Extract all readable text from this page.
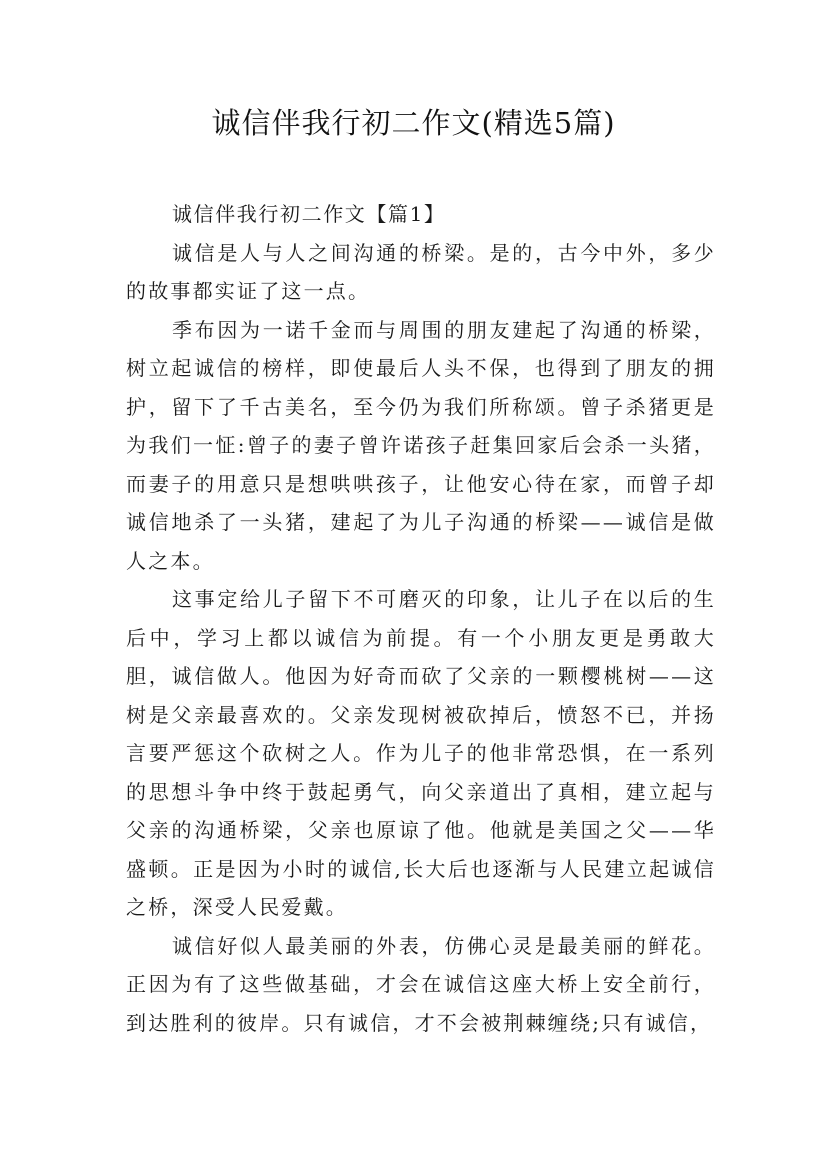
诚信伴我行初二作文(精选5篇)

诚信伴我行初二作文【篇1】

诚信是人与人之间沟通的桥梁。是的，古今中外，多少的故事都实证了这一点。

季布因为一诺千金而与周围的朋友建起了沟通的桥梁，树立起诚信的榜样，即使最后人头不保，也得到了朋友的拥护，留下了千古美名，至今仍为我们所称颂。曾子杀猪更是为我们一怔:曾子的妻子曾许诺孩子赶集回家后会杀一头猪，而妻子的用意只是想哄哄孩子，让他安心待在家，而曾子却诚信地杀了一头猪，建起了为儿子沟通的桥梁——诚信是做人之本。

这事定给儿子留下不可磨灭的印象，让儿子在以后的生后中，学习上都以诚信为前提。有一个小朋友更是勇敢大胆，诚信做人。他因为好奇而砍了父亲的一颗樱桃树——这树是父亲最喜欢的。父亲发现树被砍掉后，愤怒不已，并扬言要严惩这个砍树之人。作为儿子的他非常恐惧，在一系列的思想斗争中终于鼓起勇气，向父亲道出了真相，建立起与父亲的沟通桥梁，父亲也原谅了他。他就是美国之父——华盛顿。正是因为小时的诚信,长大后也逐渐与人民建立起诚信之桥，深受人民爱戴。

诚信好似人最美丽的外表，仿佛心灵是最美丽的鲜花。正因为有了这些做基础，才会在诚信这座大桥上安全前行，到达胜利的彼岸。只有诚信，才不会被荆棘缠绕;只有诚信，
